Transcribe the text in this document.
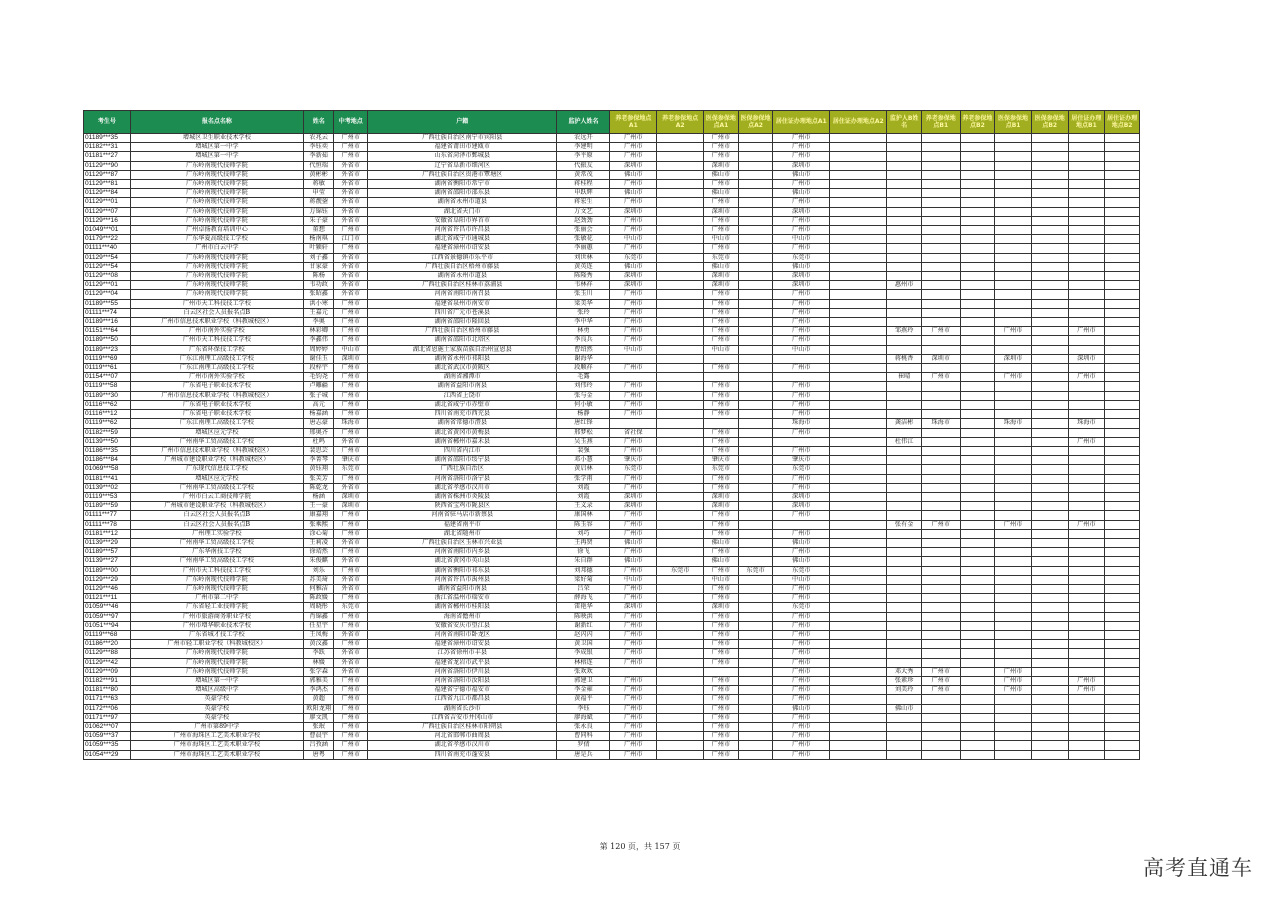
考生号	报名点名称	姓名	中考地点	户籍	监护人姓名	养老参保地点A1	养老参保地点A2	医保参保地点A1	医保参保地点A2	居住证办理地点A1	居住证办理地点A2	监护人B姓名	养老参保地点B1	养老参保地点B2	医保参保地点B1	医保参保地点B2	居住证办理地点B1	居住证办理地点B2
01189***35	增城区卫生职业技术学校	农兆云	广州市	广西壮族自治区南宁市宾阳县	农远开	广州市		广州市		广州市								
01182***31	增城区第一中学	李钰奕	广州市	福建省莆田市建瓯市	李建明	广州市		广州市		广州市								
01181***27	增城区第一中学	李新茹	广州市	山东省菏泽市鄄城县	李平原	广州市		广州市		广州市								
01129***90	广东岭南现代技师学院	代恒瑞	外省市	辽宁省阜新市细河区	代振友	深圳市		深圳市		深圳市								
01129***87	广东岭南现代技师学院	黄彬彬	外省市	广西壮族自治区贵港市覃塘区	黄常茂	佛山市		佛山市		佛山市								
01129***81	广东岭南现代技师学院	蒋敏	外省市	湖南省衡阳市常宁市	蒋桂程	广州市		广州市		广州市								
01129***84	广东岭南现代技师学院	申莹	外省市	湖南省邵阳市邵东县	申跃辉	佛山市		佛山市		佛山市								
01129***01	广东岭南现代技师学院	蒋靓蓥	外省市	湖南省永州市道县	蒋宏生	广州市		广州市		广州市								
01129***07	广东岭南现代技师学院	万锦钰	外省市	湖北省天门市	万文艺	深圳市		深圳市		深圳市								
01129***16	广东岭南现代技师学院	朱子豪	外省市	安徽省阜阳市界首市	赵劲劲	广州市		广州市		广州市								
01049***01	广州卓扬教育培训中心	董想	广州市	河南省许昌市许昌县	张丽会	广州市		广州市		广州市								
01179***22	广东华夏高级技工学校	杨南琪	江门市	湖北省咸宁市通城县	张敏花	中山市		中山市		中山市								
01111***40	广州市白云中学	叶颍轩	广州市	福建省漳州市诏安县	李丽蕙	广州市		广州市		广州市								
01129***54	广东岭南现代技师学院	刘子鑫	外省市	江西省景德镇市乐平市	刘世林	东莞市		东莞市		东莞市								
01129***54	广东岭南现代技师学院	甘家豪	外省市	广西壮族自治区梧州市藤县	黄英连	佛山市		佛山市		佛山市								
01129***08	广东岭南现代技师学院	陈杨	外省市	湖南省永州市道县	陈隆秀	深圳市		深圳市		深圳市								
01129***01	广东岭南现代技师学院	韦功政	外省市	广西壮族自治区桂林市荔浦县	韦林祥	深圳市		深圳市		深圳市		惠州市						
01129***04	广东岭南现代技师学院	张昭鑫	外省市	河南省南阳市南召县	张玉川	广州市		广州市		广州市								
01189***55	广州市天工科技技工学校	洪小寒	广州市	福建省泉州市南安市	梁美华	广州市		广州市		广州市								
01111***74	白云区社会人员报名点B	王嘉元	广州市	四川省广元市苍溪县	张玲	广州市		广州市		广州市								
01189***16	广州市信息技术职业学校（科教城校区）	李奥	广州市	湖南省邵阳市隆回县	李中华	广州市		广州市		广州市								
01151***64	广州市南外实验学校	林彩卿	广州市	广西壮族自治区梧州市藤县	林勇	广州市		广州市		广州市		邹燕玲	广州市		广州市		广州市	
01189***50	广州市天工科技技工学校	李鑫伟	广州市	湖南省邵阳市北塔区	李良兵	广州市		广州市		广州市								
01189***23	广东省环保技工学校	周婷婷	中山市	湖北省恩施土家族苗族自治州宣恩县	曹绍然	中山市		中山市		中山市								
01119***69	广东江南理工高级技工学校	谢佳玉	深圳市	湖南省永州市祁阳县	谢海华							蒋桃香	深圳市		深圳市		深圳市	
01119***61	广东江南理工高级技工学校	段梓宇	广州市	湖北省武汉市黄陂区	段顺祥	广州市		广州市		广州市								
01154***07	广州市南外实验学校	毛钧尧	广州市	湖南省湘潭市	毛露							崔晴	广州市		广州市		广州市	
01119***58	广东省电子职业技术学校	卢雕疆	广州市	湖南省益阳市南县	刘伟玲	广州市		广州市		广州市								
01189***30	广州市信息技术职业学校（科教城校区）	张子城	广州市	江西省上饶市	张与金	广州市		广州市		广州市								
01116***62	广东省电子职业技术学校	高元	广州市	湖北省咸宁市赤壁市	何小敏	广州市		广州市		广州市								
01116***12	广东省电子职业技术学校	杨嘉涵	广州市	四川省南充市西充县	杨静	广州市		广州市		广州市								
01119***62	广东江南理工高级技工学校	唐志豪	珠海市	湖南省常德市澧县	唐红锋					珠海市		龚洁彬	珠海市		珠海市		珠海市	
01182***59	增城区应元学校	邢奥齐	广州市	湖北省黄冈市黄梅县	邢梦松	省社保		广州市		广州市								
01139***50	广州南华工贸高级技工学校	杜鸣	外省市	湖南省郴州市嘉禾县	吴玉燕	广州市		广州市				杜伟江					广州市	
01186***35	广州市信息技术职业学校（科教城校区）	裴思芸	广州市	四川省内江市	裴强	广州市		广州市		广州市								
01186***84	广州城市建设职业学校（科教城校区）	李菁琴	肇庆市	湖南省邵阳市绥宁县	邓小慧	肇庆市		肇庆市		肇庆市								
01069***58	广东现代信息技工学校	黄钰翔	东莞市	广西壮族自治区	黄启林	东莞市		东莞市		东莞市								
01181***41	增城区应元学校	张芙芳	广州市	河南省洛阳市洛宁县	张学甫	广州市		广州市		广州市								
01139***02	广州南华工贸高级技工学校	陈乾龙	外省市	湖北省孝感市汉川市	刘霞	广州市		广州市		广州市								
01119***53	广州市白云工商技师学院	杨涵	深圳市	湖南省株洲市炎陵县	刘霞	深圳市		深圳市		深圳市								
01189***59	广州城市建设职业学校（科教城校区）	王一豪	深圳市	陕西省宝鸡市陇县区	王义录	深圳市		深圳市		深圳市								
01111***77	白云区社会人员报名点B	康嘉翔	广州市	河南省驻马店市新蔡县	康国林	广州市		广州市		广州市								
01111***78	白云区社会人员报名点B	张乘熙	广州市	福建省南平市	陈玉容	广州市		广州市				张有金	广州市		广州市		广州市	
01181***12	广州理工实验学校	涂心菊	广州市	湖北省随州市	刘巧	广州市		广州市		广州市								
01139***29	广州南华工贸高级技工学校	王莉凌	外省市	广西壮族自治区玉林市兴业县	王再贤	佛山市		佛山市		佛山市								
01189***57	广东华南技工学校	徐靖然	广州市	河南省南阳市内乡县	徐飞	广州市		广州市		广州市								
01139***27	广州南华工贸高级技工学校	朱俊麒	外省市	湖北省黄冈市英山县	朱自群	佛山市		佛山市		佛山市								
01189***00	广州市天工科技技工学校	刘乐	广州市	湖南省衡阳市祁东县	刘邦德	广州市	东莞市	广州市	东莞市	东莞市								
01129***29	广东岭南现代技师学院	苏美琦	外省市	河南省许昌市禹州县	梁好菊	中山市		中山市		中山市								
01129***46	广东岭南现代技师学院	何雅洁	外省市	湖南省益阳市南县	吕荣	广州市		广州市		广州市								
01121***11	广州市第二中学	陈政媛	广州市	浙江省温州市瑞安市	薛海飞	广州市		广州市		广州市								
01059***46	广东省轻工业技师学院	周晓彤	东莞市	湖南省郴州市桂阳县	雷艳华	深圳市		深圳市		东莞市								
01059***97	广州市旅游商务职业学校	肖锦鑫	广州市	海南省儋州市	陈映洪	广州市		广州市		广州市								
01051***94	广州市增华职业技术学校	任星宇	广州市	安徽省安庆市望江县	谢新红	广州市		广州市		广州市								
01119***68	广东省城才技工学校	王凤梅	外省市	河南省南阳市卧龙区	赵闪闪	广州市		广州市		广州市								
01186***20	广州市轻工职业学校（科教城校区）	黄汶鑫	广州市	福建省漳州市诏安县	黄卫国	广州市		广州市		广州市								
01129***88	广东岭南现代技师学院	李跃	外省市	江苏省徐州市丰县	李成银	广州市		广州市		广州市								
01129***42	广东岭南现代技师学院	林媛	外省市	福建省龙岩市武平县	林榕连	广州市		广州市		广州市								
01129***09	广东岭南现代技师学院	张学森	外省市	河南省洛阳市伊川县	张欢欢					广州市		邓大秀	广州市		广州市			
01182***91	增城区第一中学	郭雅美	广州市	河南省洛阳市汝阳县	郭建卫	广州市		广州市		广州市		张素珍	广州市		广州市		广州市	
01181***80	增城区高级中学	李鸿杰	广州市	福建省宁德市福安市	李金雍	广州市		广州市		广州市		刘美玲	广州市		广州市		广州市	
01171***63	英豪学校	黄超	广州市	江西省九江市都昌县	黄福平	广州市		广州市		广州市								
01172***06	英豪学校	欧阳龙翔	广州市	湖南省长沙市	李钰	广州市		广州市		佛山市		佛山市						
01171***97	英豪学校	廖文凯	广州市	江西省吉安市井冈山市	廖海斌	广州市		广州市		广州市								
01062***07	广州市第89中学	张珉	广州市	广西壮族自治区桂林市阳朔县	张永良	广州市		广州市		广州市								
01059***37	广州市海珠区工艺美术职业学校	曹晨宇	广州市	河北省邯郸市曲周县	曹同科	广州市		广州市		广州市								
01059***35	广州市海珠区工艺美术职业学校	吕孜涵	广州市	湖北省孝感市汉川市	罗倩	广州市		广州市		广州市								
01054***29	广州市海珠区工艺美术职业学校	唐粤	广州市	四川省南充市蓬安县	唐是兵	广州市		广州市		广州市								
第 120 页，共 157 页
高考直通车
